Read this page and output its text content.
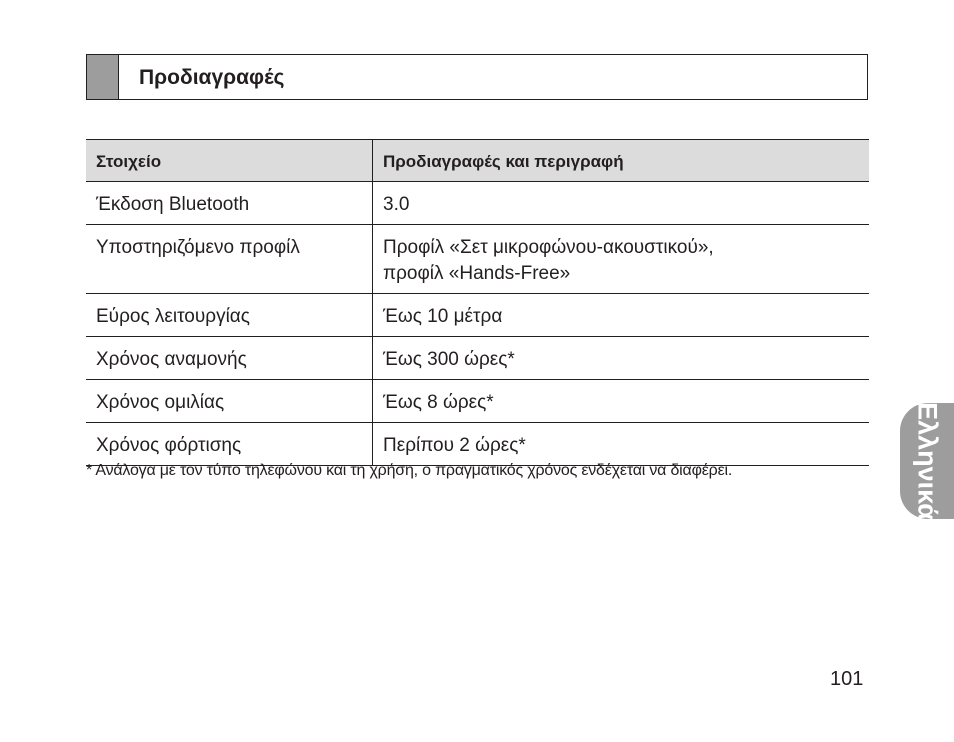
Προδιαγραφές
Στοιχείο	Προδιαγραφές και περιγραφή
Έκδοση Bluetooth	3.0
Υποστηριζόμενο προφίλ	Προφίλ «Σετ μικροφώνου-ακουστικού»,
προφίλ «Hands-Free»

Εύρος λειτουργίας	Έως 10 μέτρα
Χρόνος αναμονής	Έως 300 ώρες*
Χρόνος ομιλίας	Έως 8 ώρες*
Χρόνος φόρτισης	Περίπου 2 ώρες*
* Ανάλογα με τον τύπο τηλεφώνου και τη χρήση, ο πραγματικός χρόνος ενδέχεται να διαφέρει.	Ελληνικά
101
